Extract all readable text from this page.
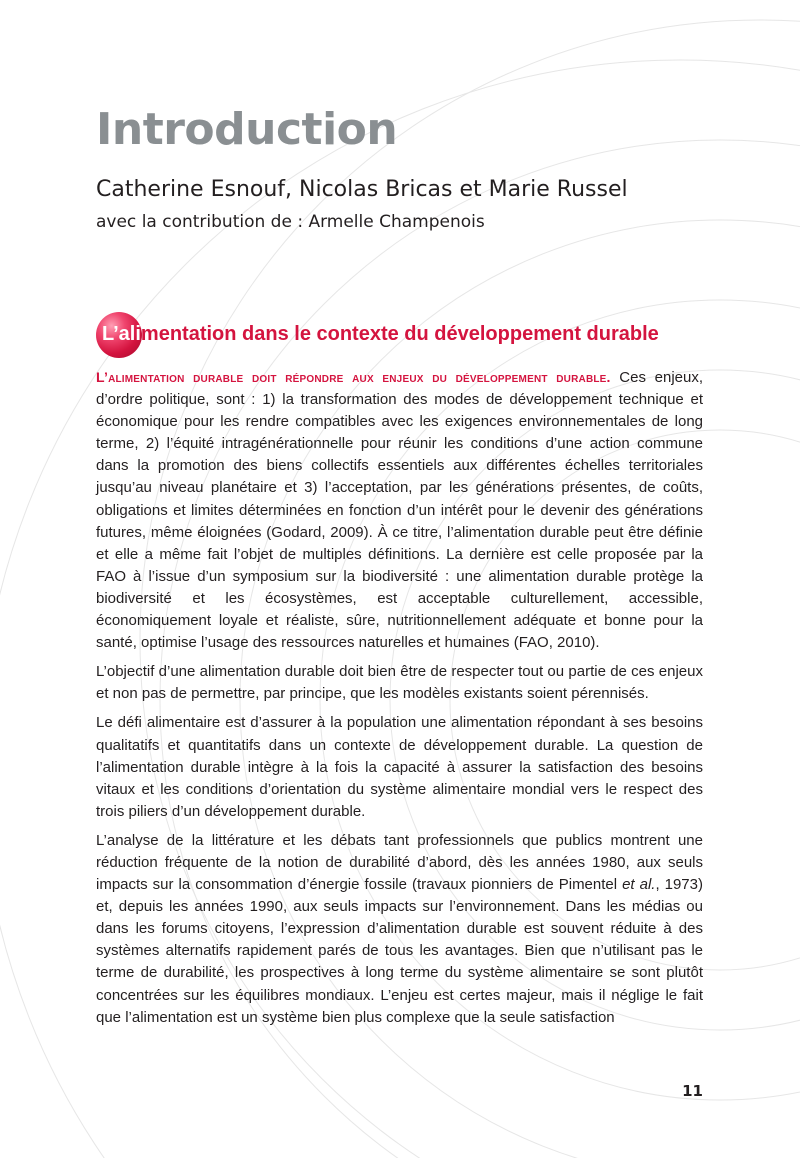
Introduction
Catherine Esnouf, Nicolas Bricas et Marie Russel
avec la contribution de : Armelle Champenois
L’alimentation dans le contexte du développement durable

L’alimentation durable doit répondre aux enjeux du développement durable. Ces enjeux, d’ordre politique, sont : 1) la transformation des modes de développement technique et économique pour les rendre compatibles avec les exigences environnementales de long terme, 2) l’équité intragénérationnelle pour réunir les conditions d’une action commune dans la promotion des biens collectifs essentiels aux différentes échelles territoriales jusqu’au niveau planétaire et 3) l’acceptation, par les générations présentes, de coûts, obligations et limites déterminées en fonction d’un intérêt pour le devenir des générations futures, même éloignées (Godard, 2009). À ce titre, l’alimentation durable peut être définie et elle a même fait l’objet de multiples définitions. La dernière est celle proposée par la FAO à l’issue d’un symposium sur la biodiversité : une alimentation durable protège la biodiversité et les écosystèmes, est acceptable culturellement, accessible, économiquement loyale et réaliste, sûre, nutritionnellement adéquate et bonne pour la santé, optimise l’usage des ressources naturelles et humaines (FAO, 2010).

L’objectif d’une alimentation durable doit bien être de respecter tout ou partie de ces enjeux et non pas de permettre, par principe, que les modèles existants soient pérennisés.

Le défi alimentaire est d’assurer à la population une alimentation répondant à ses besoins qualitatifs et quantitatifs dans un contexte de développement durable. La question de l’alimentation durable intègre à la fois la capacité à assurer la satisfaction des besoins vitaux et les conditions d’orientation du système alimentaire mondial vers le respect des trois piliers d’un développement durable.

L’analyse de la littérature et les débats tant professionnels que publics montrent une réduction fréquente de la notion de durabilité d’abord, dès les années 1980, aux seuls impacts sur la consommation d’énergie fossile (travaux pionniers de Pimentel et al., 1973) et, depuis les années 1990, aux seuls impacts sur l’environnement. Dans les médias ou dans les forums citoyens, l’expression d’alimentation durable est souvent réduite à des systèmes alternatifs rapidement parés de tous les avantages. Bien que n’utilisant pas le terme de durabilité, les prospectives à long terme du système alimentaire se sont plutôt concentrées sur les équilibres mondiaux. L’enjeu est certes majeur, mais il néglige le fait que l’alimentation est un système bien plus complexe que la seule satisfaction

11
